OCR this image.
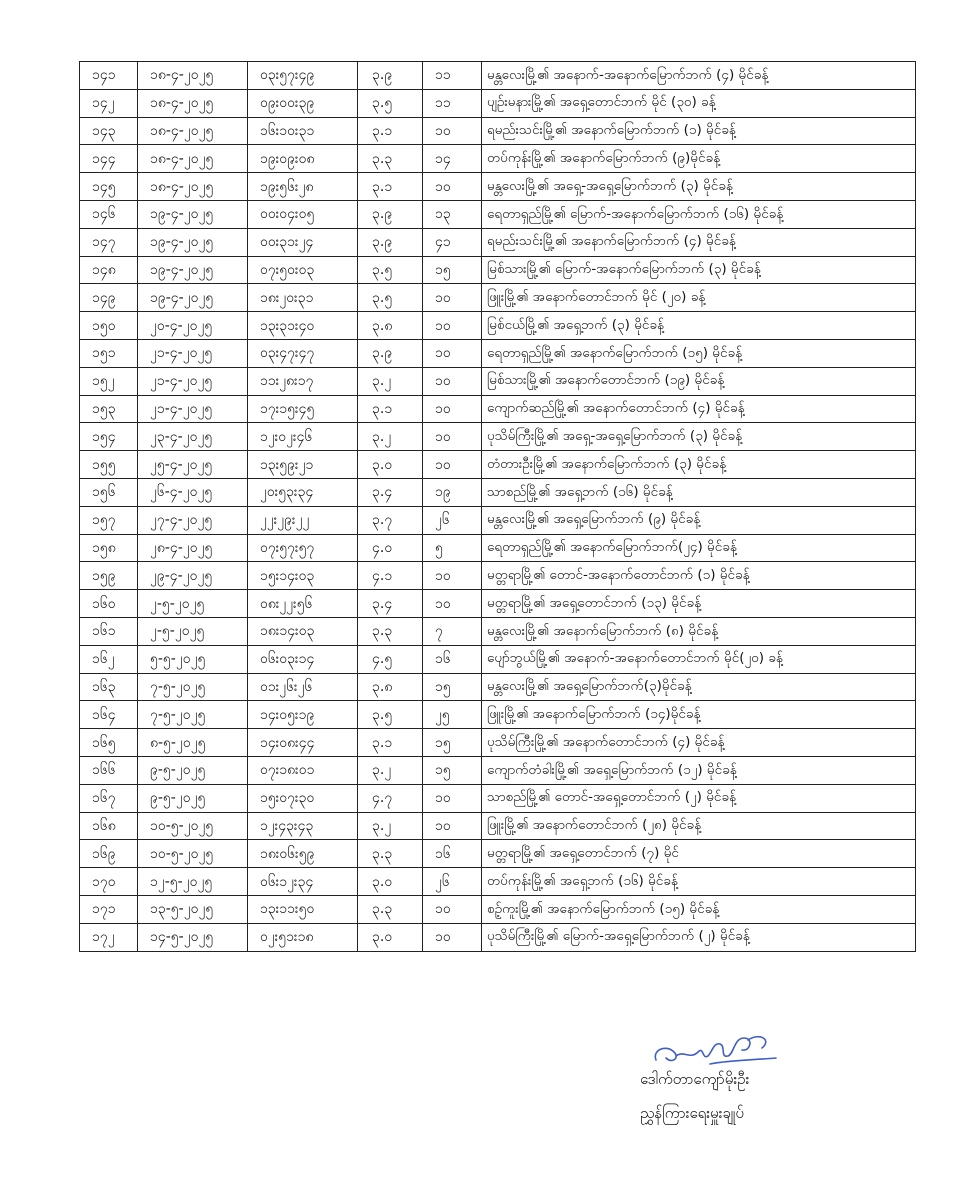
၁၄၁	၁၈-၄-၂၀၂၅	၀၃း၅၇း၄၉	၃.၉	၁၁	မန္တလေးမြို့၏ အနောက်-အနောက်မြောက်ဘက် (၄) မိုင်ခန့်
၁၄၂	၁၈-၄-၂၀၂၅	၀၉း၀၀း၃၉	၃.၅	၁၁	ပျဉ်းမနားမြို့၏ အရှေ့တောင်ဘက် မိုင် (၃၀) ခန့်
၁၄၃	၁၈-၄-၂၀၂၅	၁၆း၁၀း၃၁	၃.၁	၁၀	ရမည်းသင်းမြို့၏ အနောက်မြောက်ဘက် (၁) မိုင်ခန့်
၁၄၄	၁၈-၄-၂၀၂၅	၁၉း၀၉း၀၈	၃.၃	၁၄	တပ်ကုန်းမြို့၏ အနောက်မြောက်ဘက် (၉)မိုင်ခန့်
၁၄၅	၁၈-၄-၂၀၂၅	၁၉း၅၆း၂၈	၃.၁	၁၀	မန္တလေးမြို့၏ အရှေ့-အရှေ့မြောက်ဘက် (၃) မိုင်ခန့်
၁၄၆	၁၉-၄-၂၀၂၅	၀၀း၀၄း၀၅	၃.၉	၁၃	ရေတာရှည်မြို့၏ မြောက်-အနောက်မြောက်ဘက် (၁၆) မိုင်ခန့်
၁၄၇	၁၉-၄-၂၀၂၅	၀၀း၃၁း၂၄	၃.၉	၄၁	ရမည်းသင်းမြို့၏ အနောက်မြောက်ဘက် (၄) မိုင်ခန့်
၁၄၈	၁၉-၄-၂၀၂၅	၀၇း၅၀း၀၃	၃.၅	၁၅	မြစ်သားမြို့၏ မြောက်-အနောက်မြောက်ဘက် (၃) မိုင်ခန့်
၁၄၉	၁၉-၄-၂၀၂၅	၁၈း၂၀း၃၁	၃.၅	၁၀	ဖြူးမြို့၏ အနောက်တောင်ဘက် မိုင် (၂၀) ခန့်
၁၅၀	၂၀-၄-၂၀၂၅	၁၃း၃၁း၄၀	၃.၈	၁၀	မြစ်ငယ်မြို့၏ အရှေ့ဘက် (၃) မိုင်ခန့်
၁၅၁	၂၁-၄-၂၀၂၅	၀၃း၄၇း၄၇	၃.၉	၁၀	ရေတာရှည်မြို့၏ အနောက်မြောက်ဘက် (၁၅) မိုင်ခန့်
၁၅၂	၂၁-၄-၂၀၂၅	၁၁း၂၈း၁၇	၃.၂	၁၀	မြစ်သားမြို့၏ အနောက်တောင်ဘက် (၁၉) မိုင်ခန့်
၁၅၃	၂၁-၄-၂၀၂၅	၁၇း၁၅း၄၅	၃.၁	၁၀	ကျောက်ဆည်မြို့၏ အနောက်တောင်ဘက် (၄) မိုင်ခန့်
၁၅၄	၂၃-၄-၂၀၂၅	၁၂း၀၂း၄၆	၃.၂	၁၀	ပုသိမ်ကြီးမြို့၏ အရှေ့-အရှေ့မြောက်ဘက် (၃) မိုင်ခန့်
၁၅၅	၂၅-၄-၂၀၂၅	၁၃း၅၉း၂၁	၃.၀	၁၀	တံတားဦးမြို့၏ အနောက်မြောက်ဘက် (၃) မိုင်ခန့်
၁၅၆	၂၆-၄-၂၀၂၅	၂၀း၅၃း၃၄	၃.၄	၁၉	သာစည်မြို့၏ အရှေ့ဘက် (၁၆) မိုင်ခန့်
၁၅၇	၂၇-၄-၂၀၂၅	၂၂း၂၉း၂၂	၃.၇	၂၆	မန္တလေးမြို့၏ အရှေ့မြောက်ဘက် (၉) မိုင်ခန့်
၁၅၈	၂၈-၄-၂၀၂၅	၀၇း၅၇း၅၇	၄.၀	၅	ရေတာရှည်မြို့၏ အနောက်မြောက်ဘက်(၂၄) မိုင်ခန့်
၁၅၉	၂၉-၄-၂၀၂၅	၁၅း၁၄း၀၃	၄.၁	၁၀	မတ္တရာမြို့၏ တောင်-အနောက်တောင်ဘက် (၁) မိုင်ခန့်
၁၆၀	၂-၅-၂၀၂၅	၀၈း၂၂း၅၆	၃.၄	၁၀	မတ္တရာမြို့၏ အရှေ့တောင်ဘက် (၁၃) မိုင်ခန့်
၁၆၁	၂-၅-၂၀၂၅	၁၈း၁၄း၀၃	၃.၃	၇	မန္တလေးမြို့၏ အနောက်မြောက်ဘက် (၈) မိုင်ခန့်
၁၆၂	၅-၅-၂၀၂၅	၀၆း၀၃း၁၄	၄.၅	၁၆	ပျော်ဘွယ်မြို့၏ အနောက်-အနောက်တောင်ဘက် မိုင်(၂၀) ခန့်
၁၆၃	၇-၅-၂၀၂၅	၀၁း၂၆း၂၆	၃.၈	၁၅	မန္တလေးမြို့၏ အရှေ့မြောက်ဘက်(၃)မိုင်ခန့်
၁၆၄	၇-၅-၂၀၂၅	၁၄း၀၅း၁၉	၃.၅	၂၅	ဖြူးမြို့၏ အနောက်မြောက်ဘက် (၁၄)မိုင်ခန့်
၁၆၅	၈-၅-၂၀၂၅	၁၄း၀၈း၄၄	၃.၁	၁၅	ပုသိမ်ကြီးမြို့၏ အနောက်တောင်ဘက် (၄) မိုင်ခန့်
၁၆၆	၉-၅-၂၀၂၅	၀၇း၁၈း၀၁	၃.၂	၁၅	ကျောက်တံခါးမြို့၏ အရှေ့မြောက်ဘက် (၁၂) မိုင်ခန့်
၁၆၇	၉-၅-၂၀၂၅	၁၅း၀၇း၃၀	၄.၇	၁၀	သာစည်မြို့၏ တောင်-အရှေ့တောင်ဘက် (၂) မိုင်ခန့်
၁၆၈	၁၀-၅-၂၀၂၅	၁၂း၄၃း၄၃	၃.၂	၁၀	ဖြူးမြို့၏ အနောက်တောင်ဘက် (၂၈) မိုင်ခန့်
၁၆၉	၁၀-၅-၂၀၂၅	၁၈း၀၆း၅၉	၃.၃	၁၆	မတ္တရာမြို့၏ အရှေ့တောင်ဘက် (၇) မိုင်
၁၇၀	၁၂-၅-၂၀၂၅	၀၆း၁၂း၃၄	၃.၀	၂၆	တပ်ကုန်းမြို့၏ အရှေ့ဘက် (၁၆) မိုင်ခန့်
၁၇၁	၁၃-၅-၂၀၂၅	၁၃း၁၁း၅၀	၃.၃	၁၀	စဉ့်ကူးမြို့၏ အနောက်မြောက်ဘက် (၁၅) မိုင်ခန့်
၁၇၂	၁၄-၅-၂၀၂၅	၀၂း၅၁း၁၈	၃.၀	၁၀	ပုသိမ်ကြီးမြို့၏ မြောက်-အရှေ့မြောက်ဘက် (၂) မိုင်ခန့်
ဒေါက်တာကျော်မိုးဦး
ညွှန်ကြားရေးမှူးချုပ်
